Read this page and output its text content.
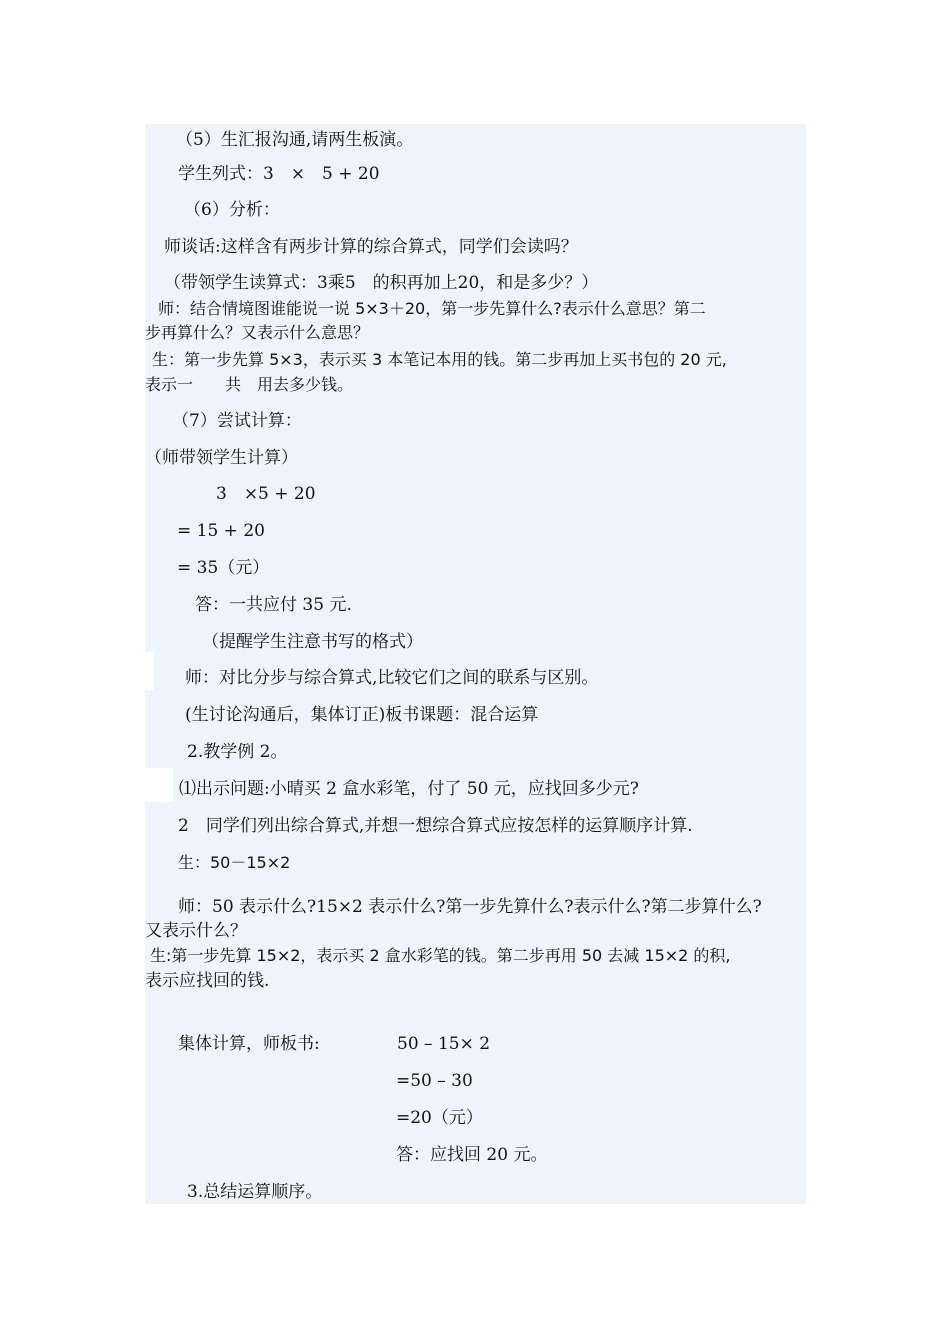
（5）生汇报沟通,请两生板演。
学生列式：3　×　5 + 20
（6）分析：
师谈话:这样含有两步计算的综合算式，同学们会读吗？
（带领学生读算式：3乘5　的积再加上20，和是多少？）
师：结合情境图谁能说一说 5×3＋20，第一步先算什么?表示什么意思？第二
步再算什么？又表示什么意思？
生：第一步先算 5×3，表示买 3 本笔记本用的钱。第二步再加上买书包的 20 元,
表示一　　共　用去多少钱。
（7）尝试计算：
（师带领学生计算）
3　×5 + 20
= 15 + 20
= 35（元）
答：一共应付 35 元.
（提醒学生注意书写的格式）
师：对比分步与综合算式,比较它们之间的联系与区别。
(生讨论沟通后，集体订正)板书课题：混合运算
2.教学例 2。
⑴出示问题:小晴买 2 盒水彩笔，付了 50 元，应找回多少元?
2　同学们列出综合算式,并想一想综合算式应按怎样的运算顺序计算.
生：50－15×2
师：50 表示什么?15×2 表示什么?第一步先算什么?表示什么?第二步算什么?
又表示什么？
生:第一步先算 15×2，表示买 2 盒水彩笔的钱。第二步再用 50 去减 15×2 的积,
表示应找回的钱.
集体计算，师板书:	50 – 15× 2
=50 – 30
=20（元）
答：应找回 20 元。
3.总结运算顺序。
